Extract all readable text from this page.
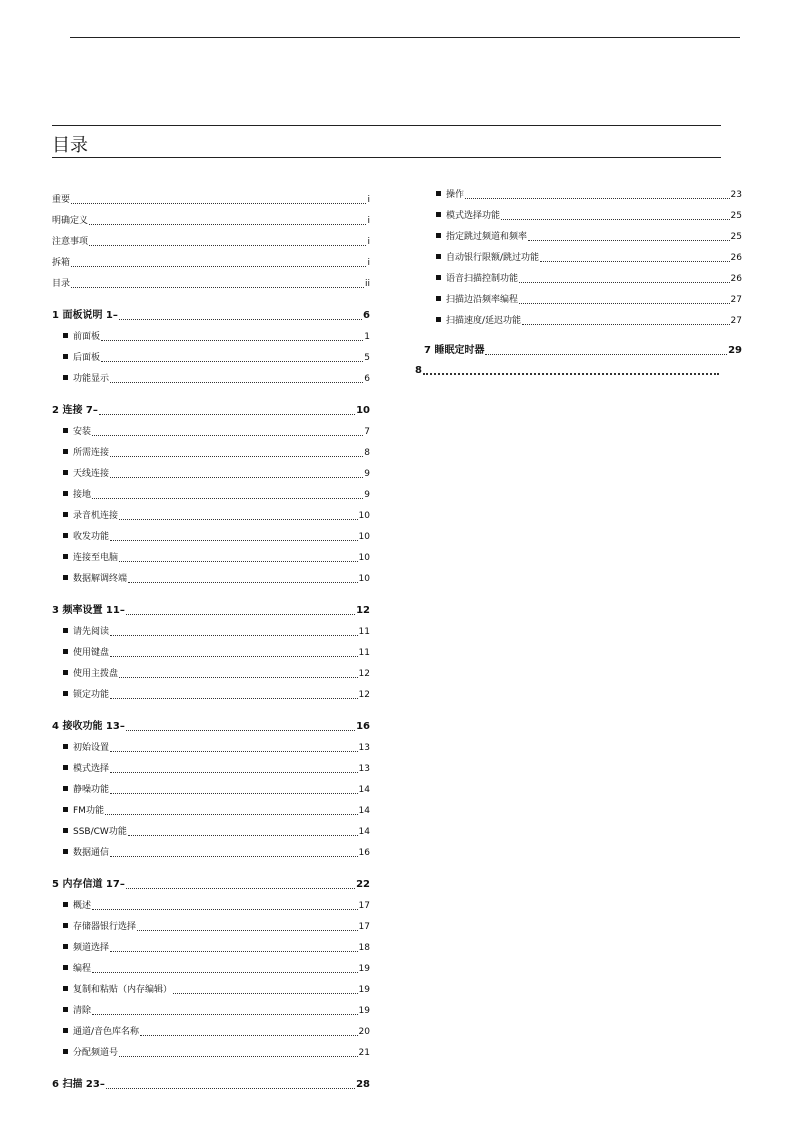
目录
重要	i
明确定义	i
注意事项	i
拆箱	i
目录	ii
1 面板说明 1–	6
前面板	1
后面板	5
功能显示	6
2 连接 7–	10
安装	7
所需连接	8
天线连接	9
接地	9
录音机连接	10
收发功能	10
连接至电脑	10
数据解调终端	10
3 频率设置 11–	12
请先阅读	11
使用键盘	11
使用主拨盘	12
锁定功能	12
4 接收功能 13–	16
初始设置	13
模式选择	13
静噪功能	14
FM功能	14
SSB/CW功能	14
数据通信	16
5 内存信道 17–	22
概述	17
存储器银行选择	17
频道选择	18
编程	19
复制和粘贴（内存编辑）	19
清除	19
通道/音色库名称	20
分配频道号	21
6 扫描 23–	28
操作	23
模式选择功能	25
指定跳过频道和频率	25
自动银行限额/跳过功能	26
语音扫描控制功能	26
扫描边沿频率编程	27
扫描速度/延迟功能	27
7 睡眠定时器	29
8
